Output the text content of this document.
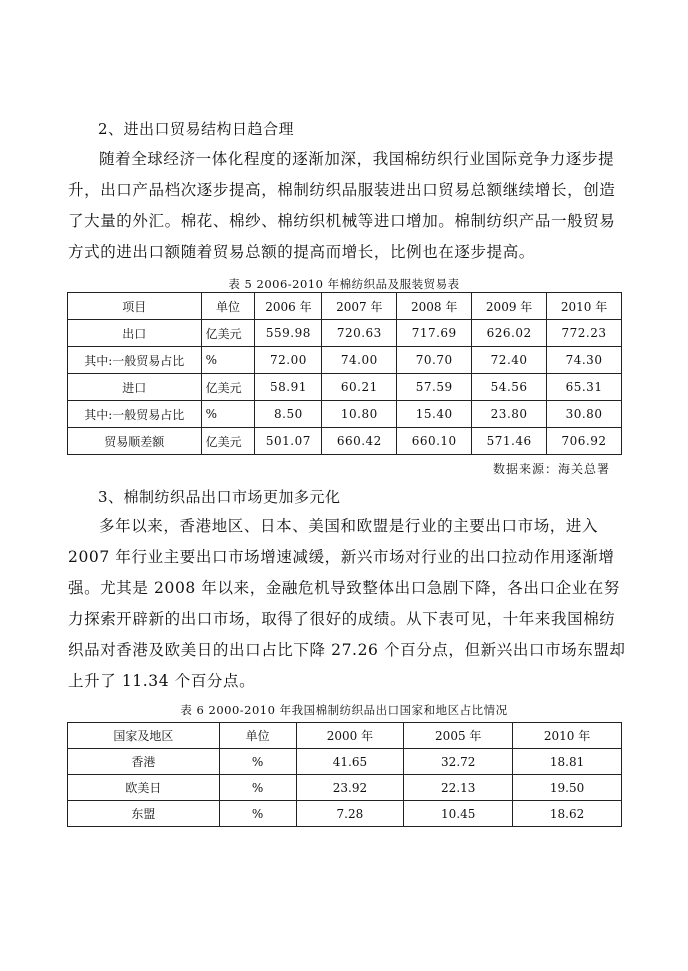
2、进出口贸易结构日趋合理
随着全球经济一体化程度的逐渐加深，我国棉纺织行业国际竞争力逐步提
升，出口产品档次逐步提高，棉制纺织品服装进出口贸易总额继续增长，创造
了大量的外汇。棉花、棉纱、棉纺织机械等进口增加。棉制纺织产品一般贸易
方式的进出口额随着贸易总额的提高而增长，比例也在逐步提高。
表 5 2006-2010 年棉纺织品及服装贸易表
项目	单位	2006 年	2007 年	2008 年	2009 年	2010 年
出口	亿美元	559.98	720.63	717.69	626.02	772.23
其中:一般贸易占比	%	72.00	74.00	70.70	72.40	74.30
进口	亿美元	58.91	60.21	57.59	54.56	65.31
其中:一般贸易占比	%	8.50	10.80	15.40	23.80	30.80
贸易顺差额	亿美元	501.07	660.42	660.10	571.46	706.92
数据来源：海关总署
3、棉制纺织品出口市场更加多元化
多年以来，香港地区、日本、美国和欧盟是行业的主要出口市场，进入
2007 年行业主要出口市场增速减缓，新兴市场对行业的出口拉动作用逐渐增
强。尤其是 2008 年以来，金融危机导致整体出口急剧下降，各出口企业在努
力探索开辟新的出口市场，取得了很好的成绩。从下表可见，十年来我国棉纺
织品对香港及欧美日的出口占比下降 27.26 个百分点，但新兴出口市场东盟却
上升了 11.34 个百分点。
表 6 2000-2010 年我国棉制纺织品出口国家和地区占比情况
国家及地区	单位	2000 年	2005 年	2010 年
香港	%	41.65	32.72	18.81
欧美日	%	23.92	22.13	19.50
东盟	%	7.28	10.45	18.62
